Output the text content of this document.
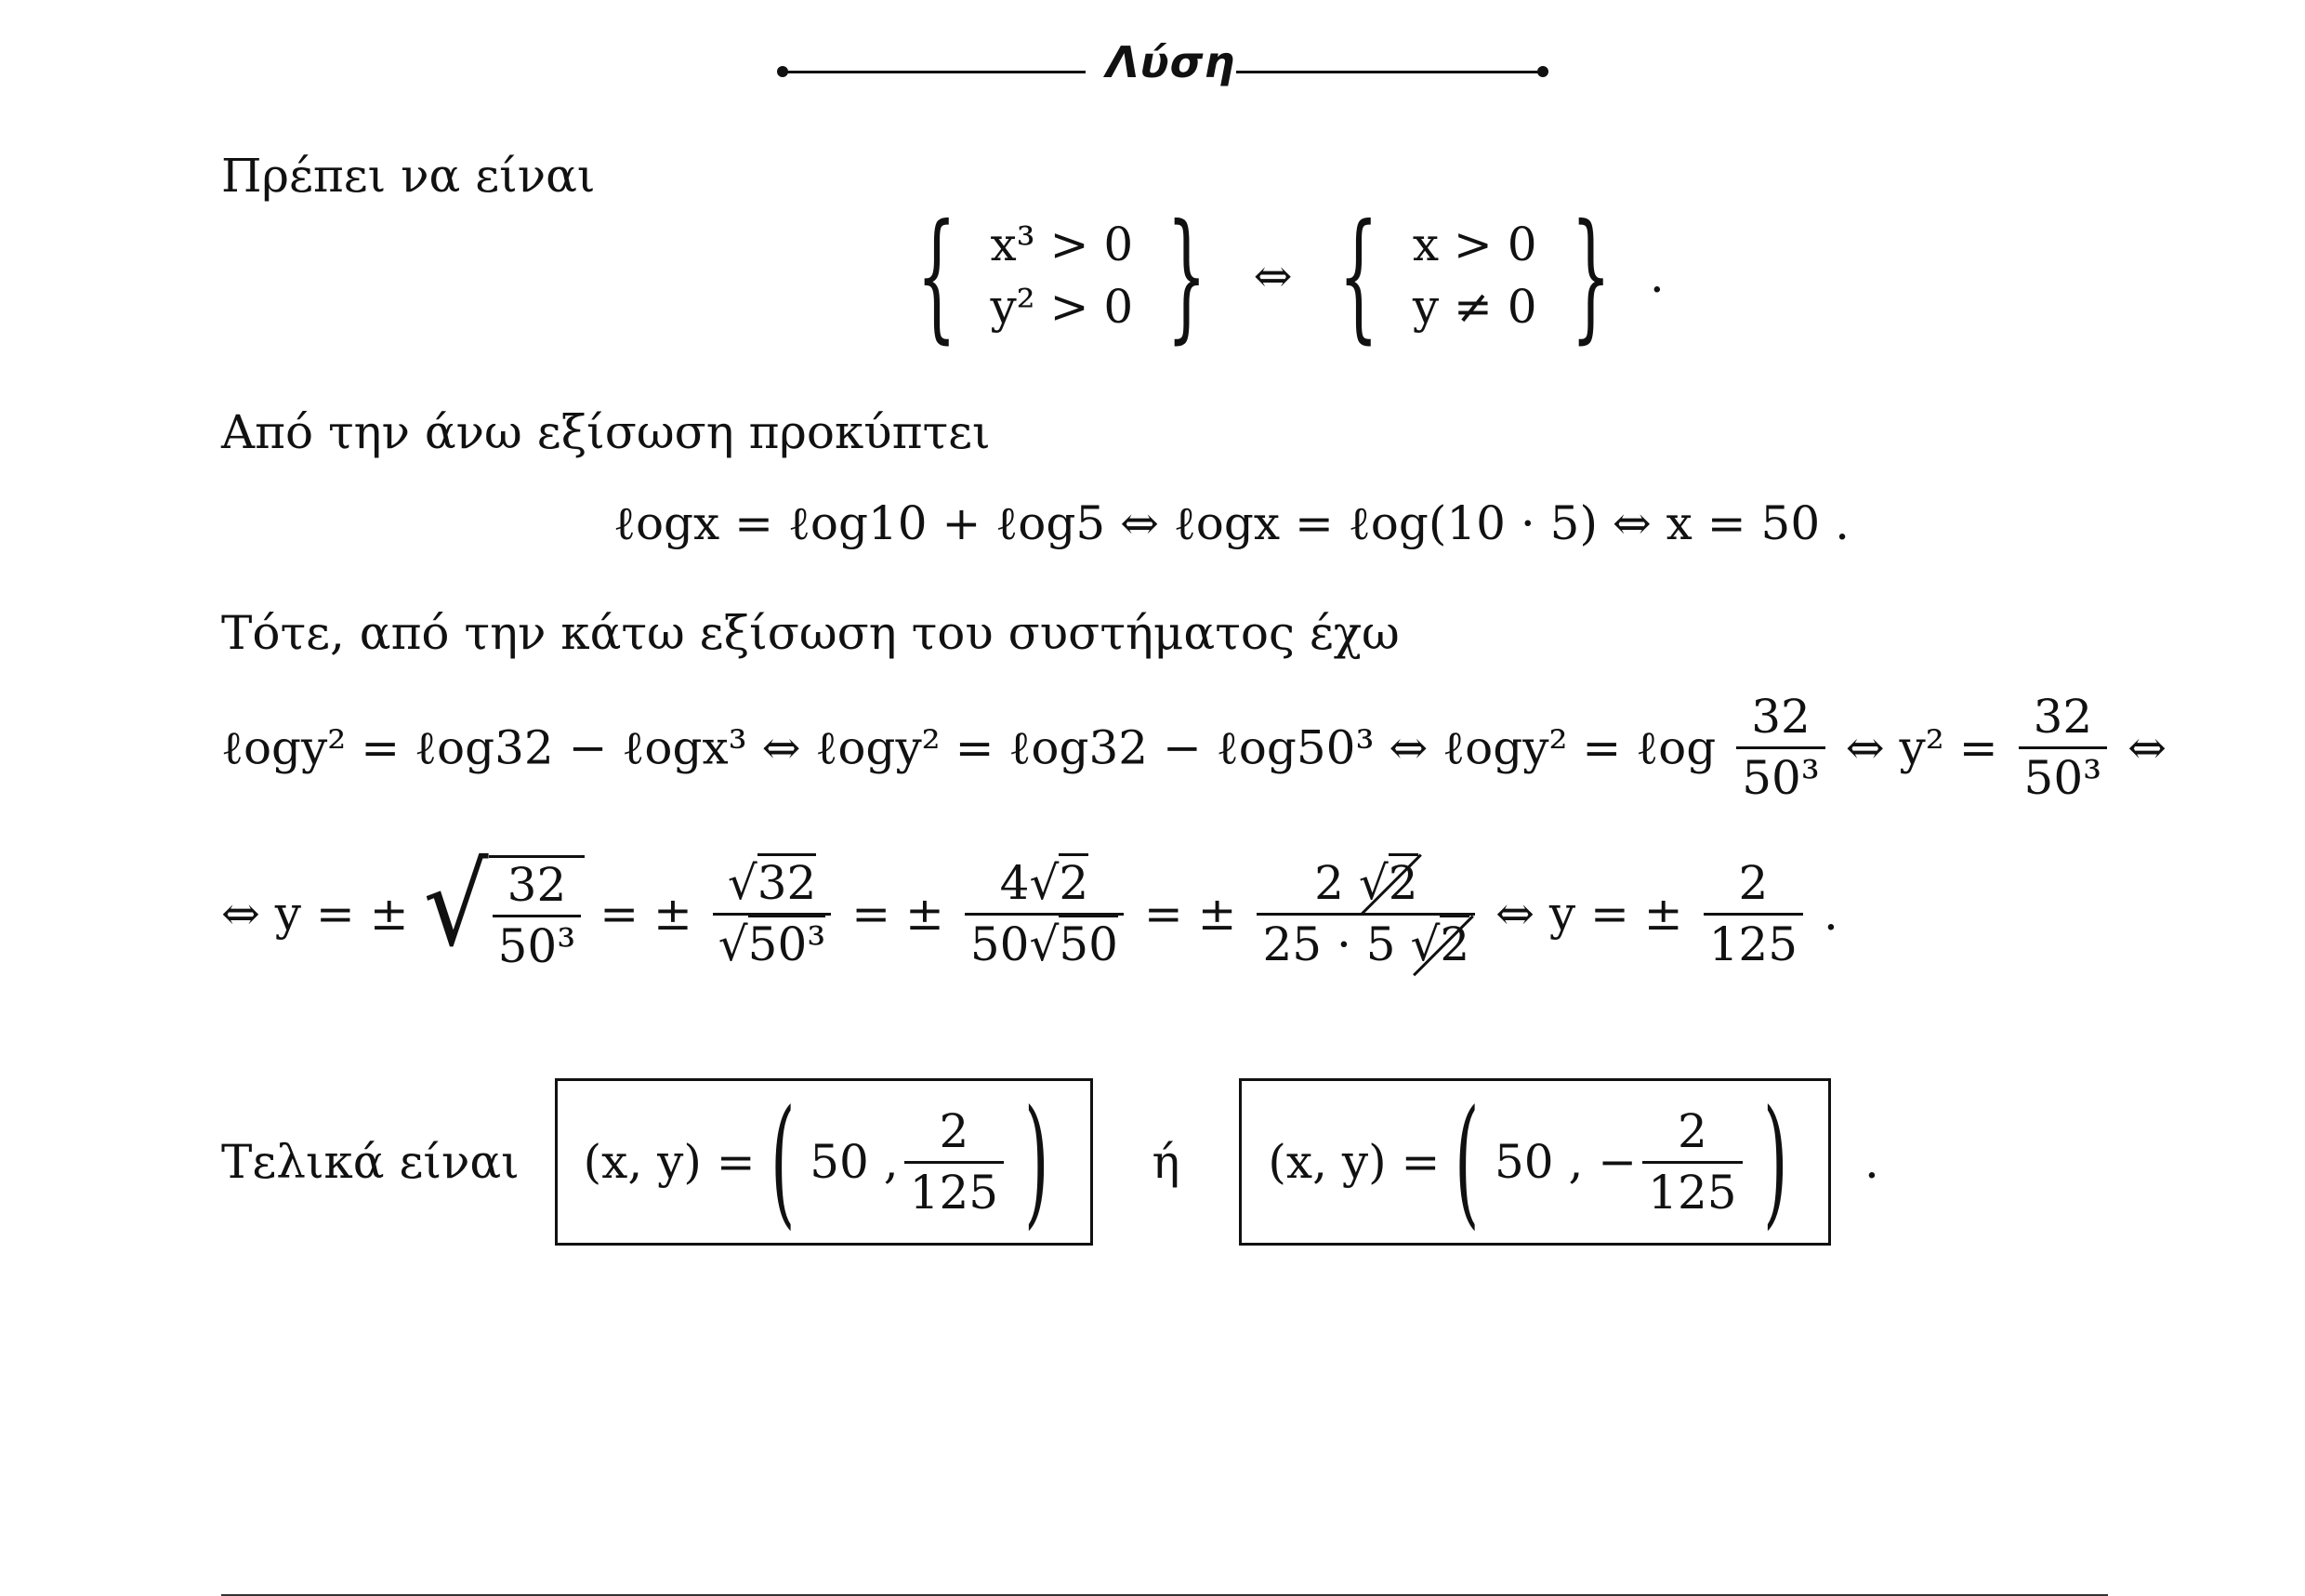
Λύση
Πρέπει να είναι
{ x³ > 0
y² > 0 } ⇔ { x > 0
y ≠ 0 } .
Από την άνω εξίσωση προκύπτει
ℓogx = ℓog10 + ℓog5 ⇔ ℓogx = ℓog(10 · 5) ⇔ x = 50 .
Τότε, από την κάτω εξίσωση του συστήματος έχω
ℓogy² = ℓog32 − ℓogx³ ⇔ ℓogy² = ℓog32 − ℓog50³ ⇔ ℓogy² = ℓog $\frac{32}{\text{50³}}$ ⇔ $y^2 = \frac{32}{\text{50³}}$ ⇔
⇔ y = ± √ $\frac{32}{\text{50³}}$ = ± $\frac{√32}{\text{√50³}}$ = ± $\frac{4√2}{50√50}$ = ± $\frac{2 √2}{25 \cdot 5 √2}$ ⇔ y = ± $\frac{2}{125}$ .
Τελικά είναι (x, y) = ( 50 , $\frac{2}{125}$ ) ή (x, y) = ( 50 , − $\frac{2}{125}$ ) .
